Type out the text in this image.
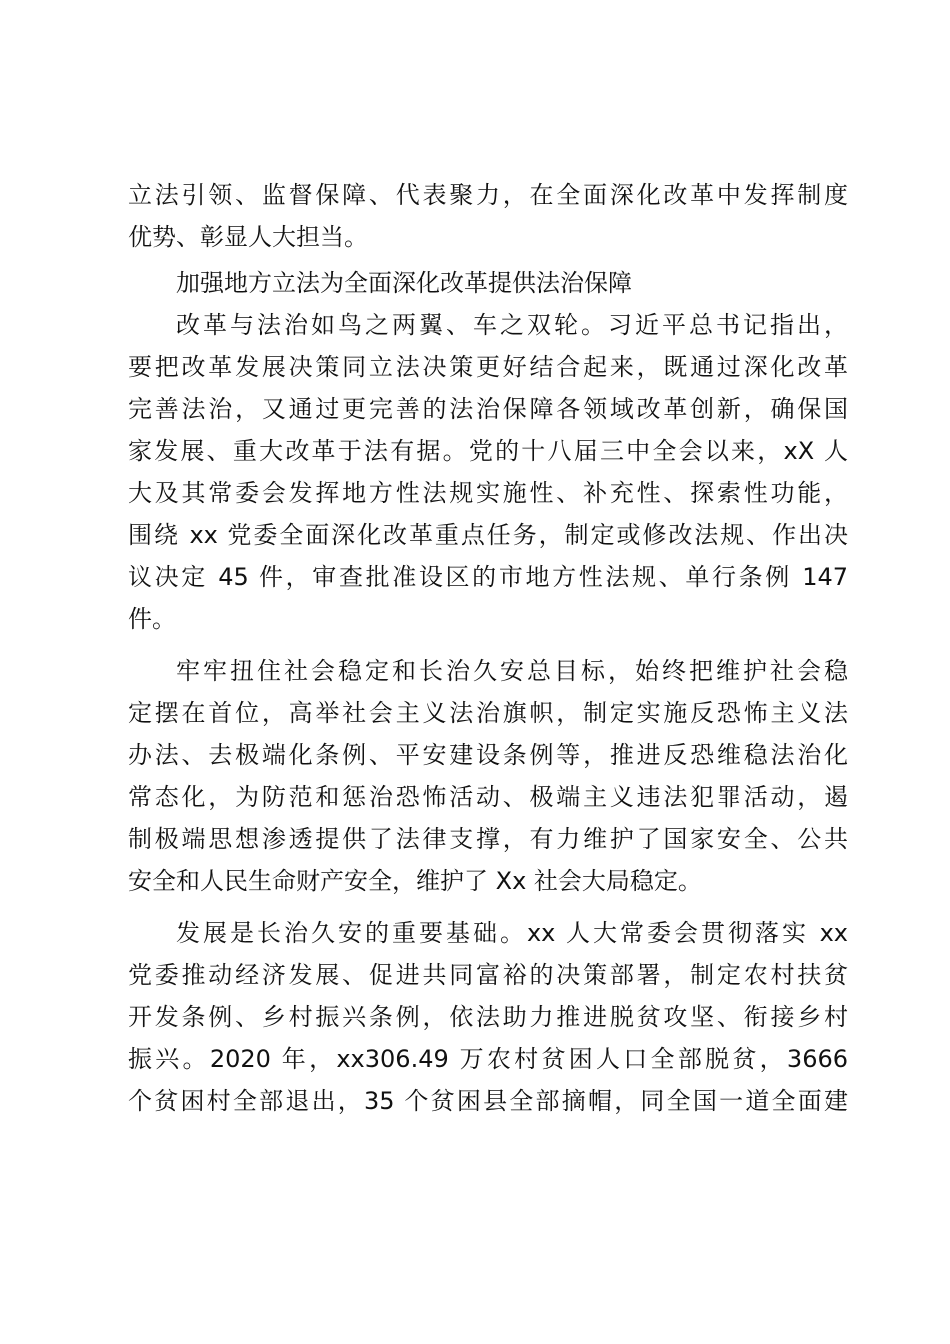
立法引领、监督保障、代表聚力，在全面深化改革中发挥制度
优势、彰显人大担当。
加强地方立法为全面深化改革提供法治保障
改革与法治如鸟之两翼、车之双轮。习近平总书记指出，
要把改革发展决策同立法决策更好结合起来，既通过深化改革
完善法治，又通过更完善的法治保障各领域改革创新，确保国
家发展、重大改革于法有据。党的十八届三中全会以来，xX 人
大及其常委会发挥地方性法规实施性、补充性、探索性功能，
围绕 xx 党委全面深化改革重点任务，制定或修改法规、作出决
议决定 45 件，审查批准设区的市地方性法规、单行条例 147
件。
牢牢扭住社会稳定和长治久安总目标，始终把维护社会稳
定摆在首位，高举社会主义法治旗帜，制定实施反恐怖主义法
办法、去极端化条例、平安建设条例等，推进反恐维稳法治化
常态化，为防范和惩治恐怖活动、极端主义违法犯罪活动，遏
制极端思想渗透提供了法律支撑，有力维护了国家安全、公共
安全和人民生命财产安全，维护了 Xx 社会大局稳定。
发展是长治久安的重要基础。xx 人大常委会贯彻落实 xx
党委推动经济发展、促进共同富裕的决策部署，制定农村扶贫
开发条例、乡村振兴条例，依法助力推进脱贫攻坚、衔接乡村
振兴。2020 年，xx306.49 万农村贫困人口全部脱贫，3666
个贫困村全部退出，35 个贫困县全部摘帽，同全国一道全面建
